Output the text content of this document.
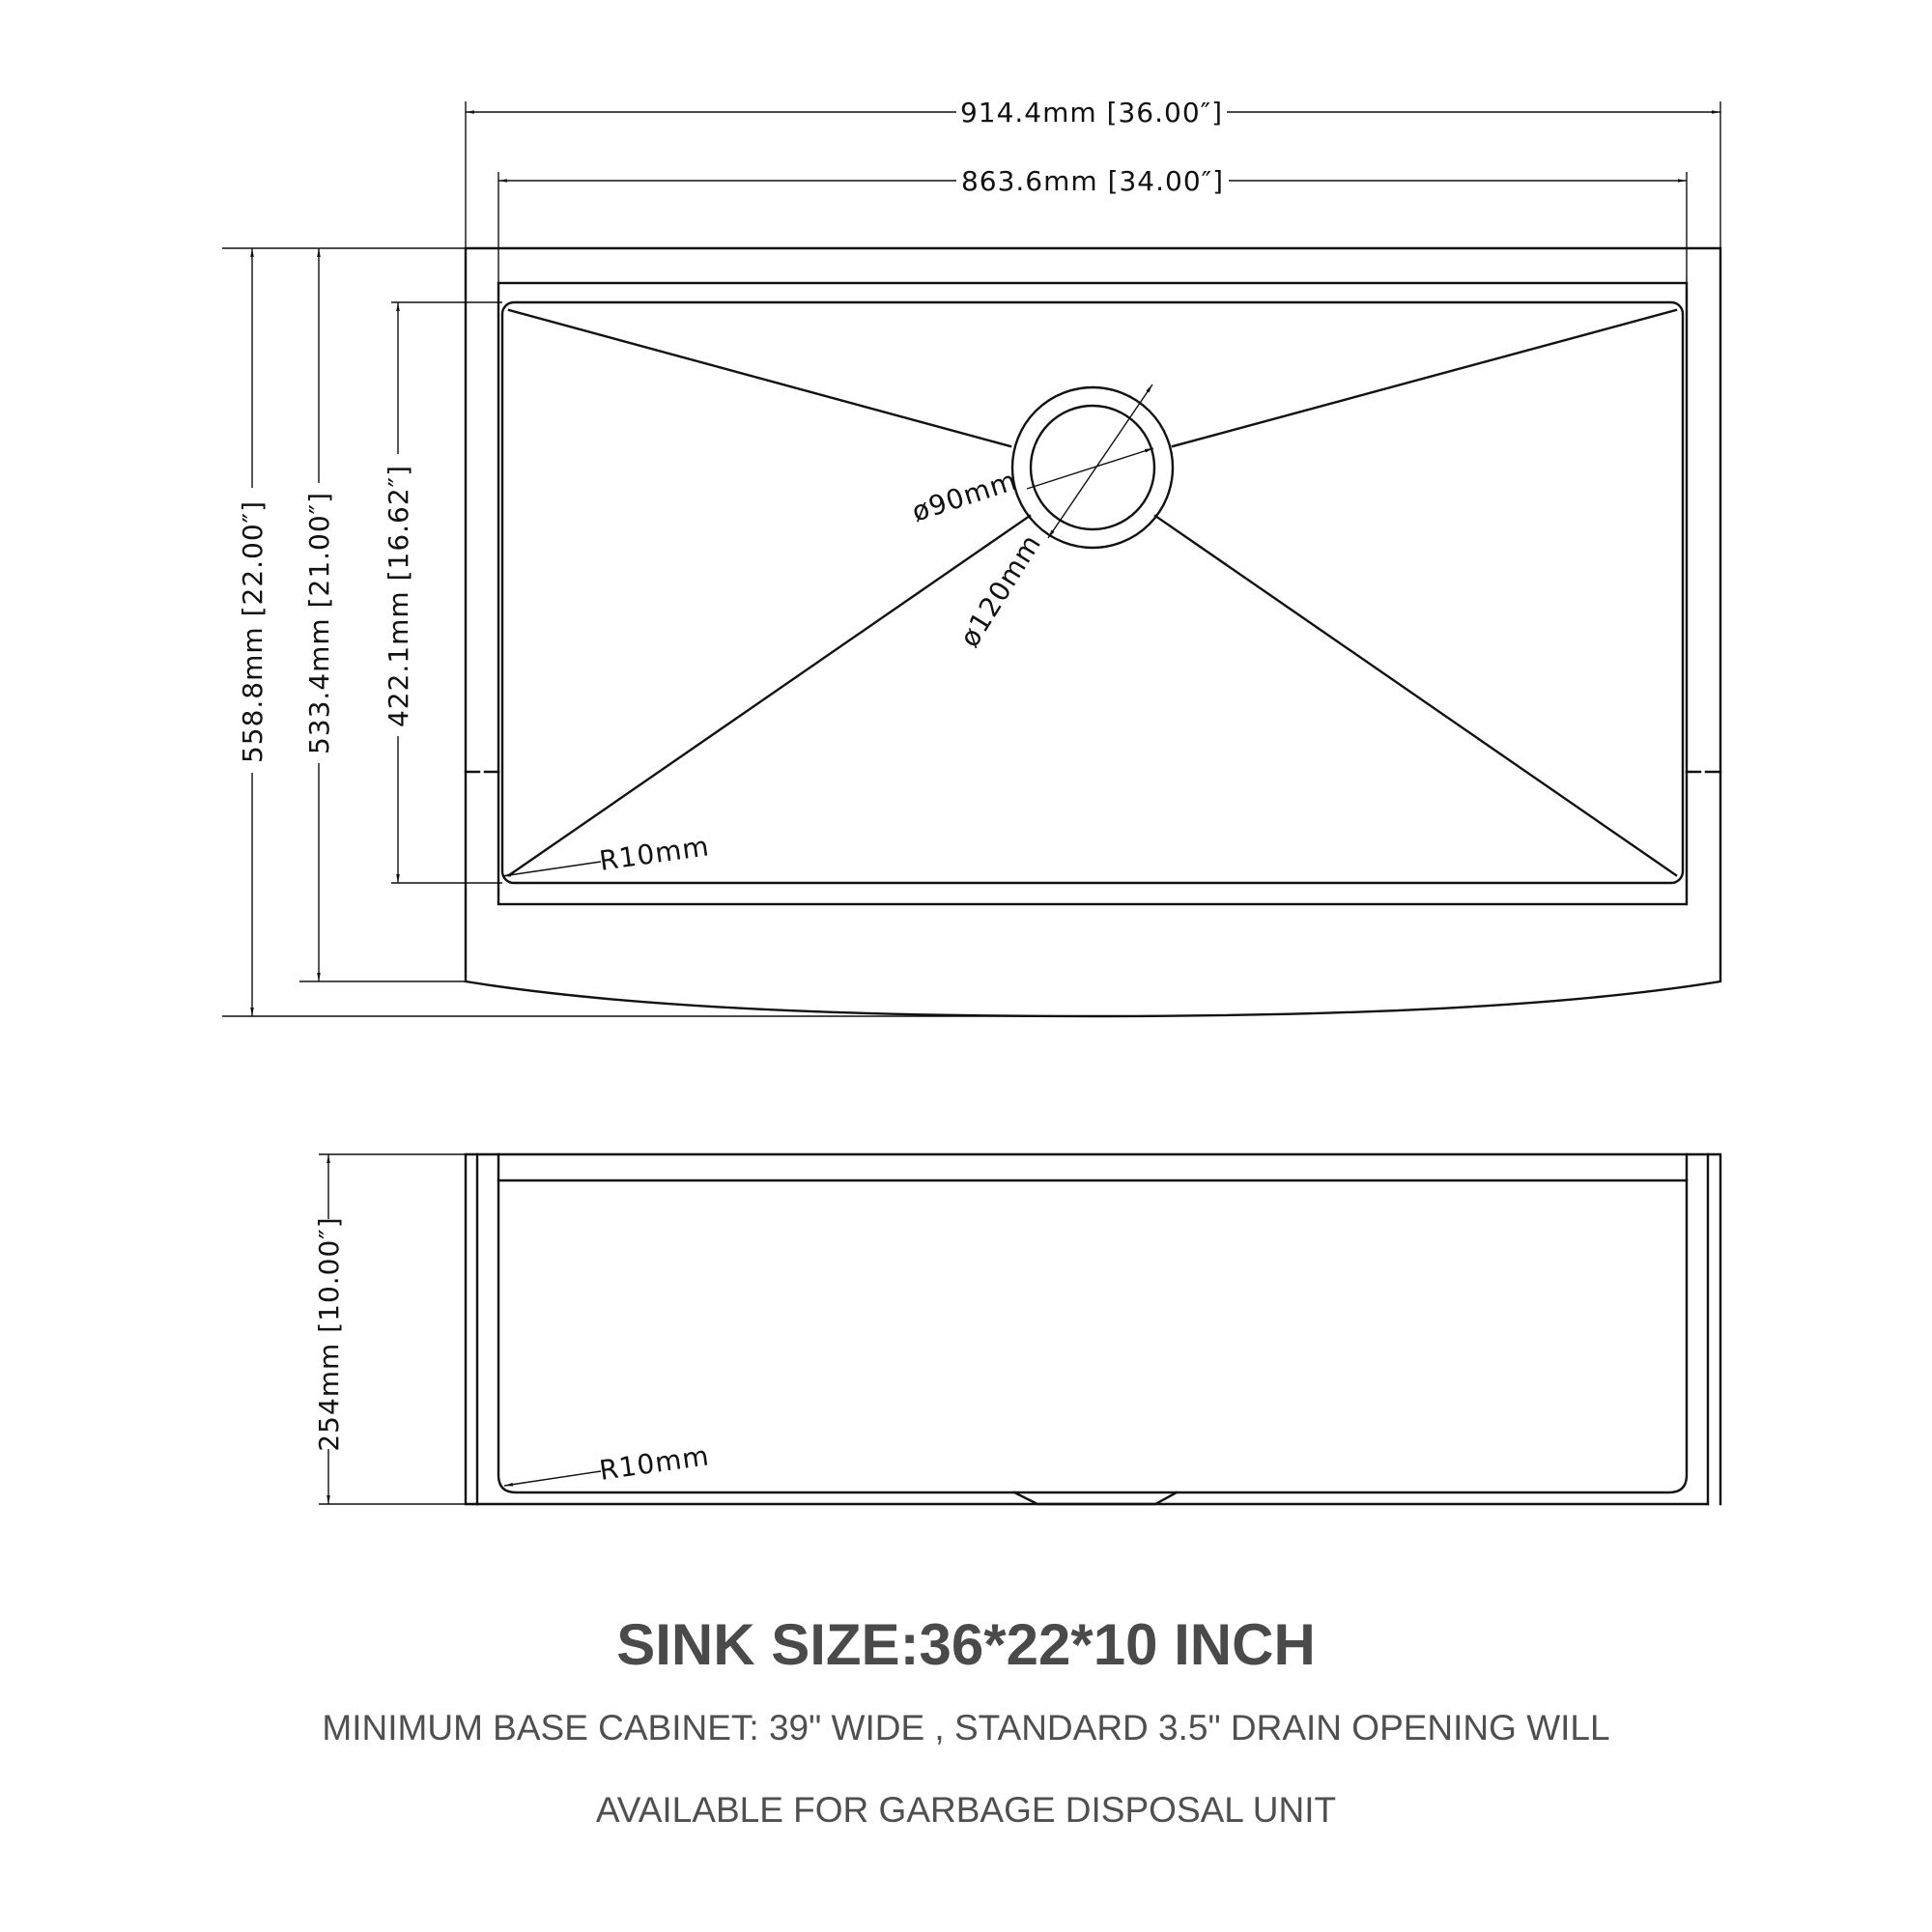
ø90mm
ø120mm
R10mm
914.4mm [36.00″]
863.6mm [34.00″]
558.8mm [22.00″] 533.4mm [21.00″] 422.1mm [16.62″]
R10mm
254mm [10.00″]
SINK SIZE:36*22*10 INCH
MINIMUM BASE CABINET: 39" WIDE , STANDARD 3.5" DRAIN OPENING WILL
AVAILABLE FOR GARBAGE DISPOSAL UNIT
